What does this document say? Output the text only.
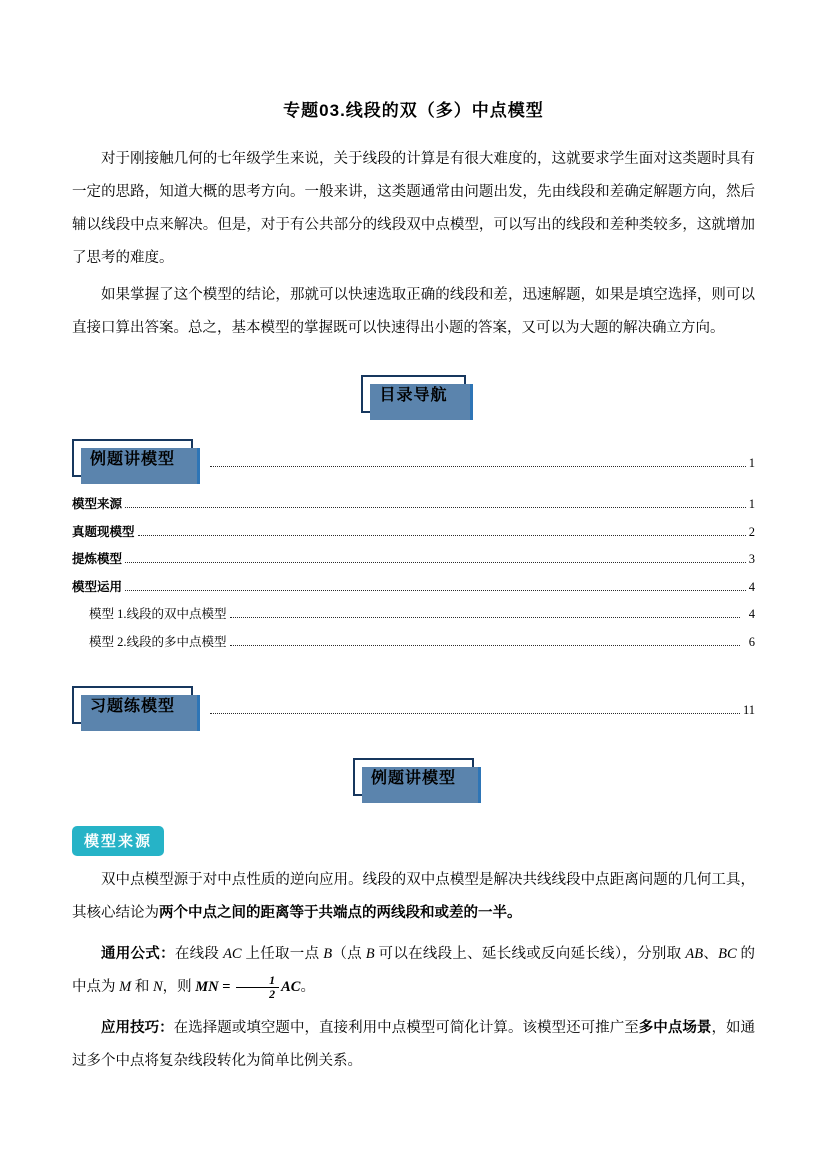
专题03.线段的双（多）中点模型

对于刚接触几何的七年级学生来说，关于线段的计算是有很大难度的，这就要求学生面对这类题时具有一定的思路，知道大概的思考方向。一般来讲，这类题通常由问题出发，先由线段和差确定解题方向，然后辅以线段中点来解决。但是，对于有公共部分的线段双中点模型，可以写出的线段和差种类较多，这就增加了思考的难度。

如果掌握了这个模型的结论，那就可以快速选取正确的线段和差，迅速解题，如果是填空选择，则可以直接口算出答案。总之，基本模型的掌握既可以快速得出小题的答案，又可以为大题的解决确立方向。

目录导航
例题讲模型	1
模型来源	1
真题现模型	2
提炼模型	3
模型运用	4
模型 1.线段的双中点模型	4
模型 2.线段的多中点模型	6
习题练模型	11
例题讲模型
模型来源

双中点模型源于对中点性质的逆向应用。线段的双中点模型是解决共线线段中点距离问题的几何工具，其核心结论为两个中点之间的距离等于共端点的两线段和或差的一半。

通用公式：在线段 AC 上任取一点 B（点 B 可以在线段上、延长线或反向延长线），分别取 AB、BC 的中点为 M 和 N，则 MN = $\frac{1}{2}$ AC。

应用技巧：在选择题或填空题中，直接利用中点模型可简化计算。该模型还可推广至多中点场景，如通过多个中点将复杂线段转化为简单比例关系。
